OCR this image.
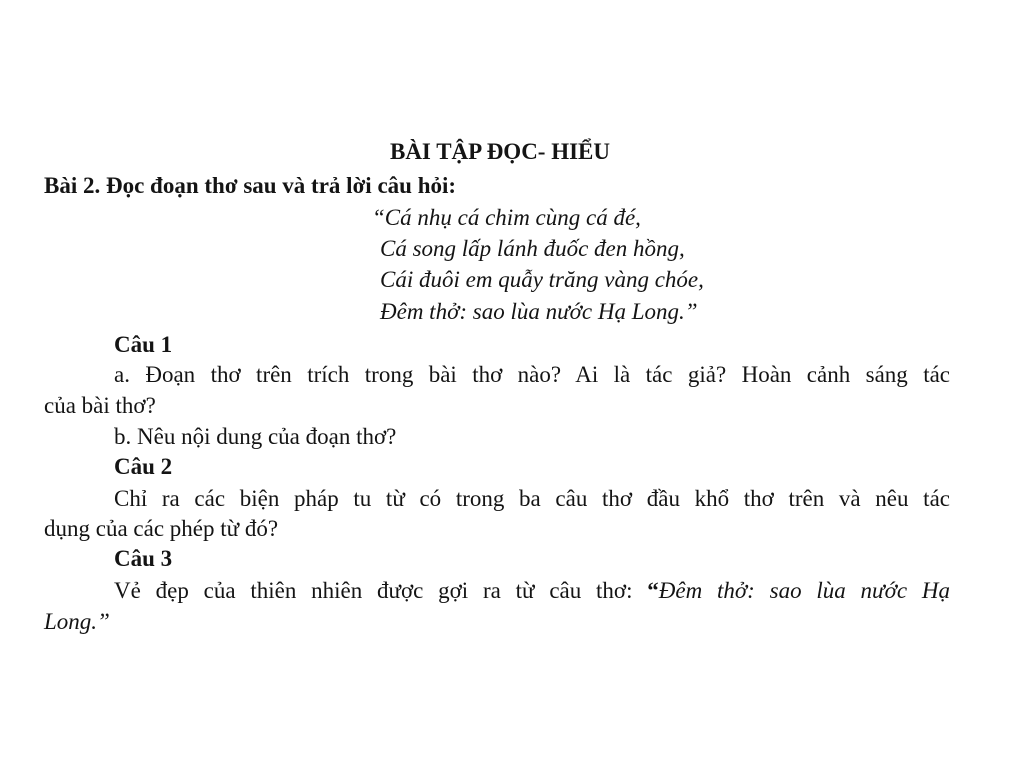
BÀI TẬP ĐỌC- HIỂU
Bài 2. Đọc đoạn thơ sau và trả lời câu hỏi:
“Cá nhụ cá chim cùng cá đé,
Cá song lấp lánh đuốc đen hồng,
Cái đuôi em quẫy trăng vàng chóe,
Đêm thở: sao lùa nước Hạ Long.”
Câu 1
a. Đoạn thơ trên trích trong bài thơ nào? Ai là tác giả? Hoàn cảnh sáng tác
của bài thơ?
b. Nêu nội dung của đoạn thơ?
Câu 2
Chỉ ra các biện pháp tu từ có trong ba câu thơ đầu khổ thơ trên và nêu tác
dụng của các phép từ đó?
Câu 3
Vẻ đẹp của thiên nhiên được gợi ra từ câu thơ: “Đêm thở: sao lùa nước Hạ
Long.”
